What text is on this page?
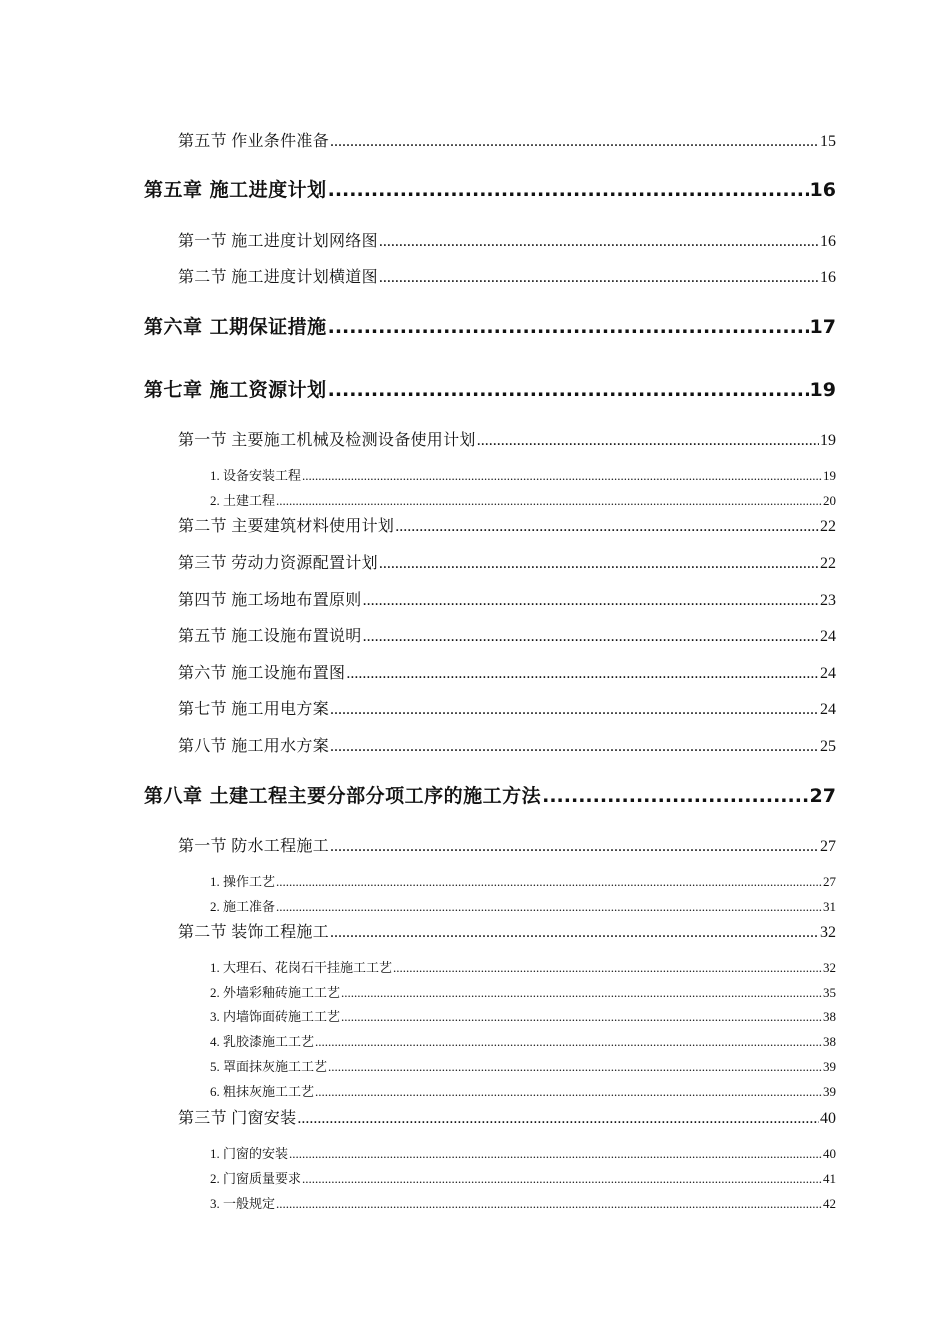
第五节 作业条件准备 .....	15
第五章 施工进度计划 .....	16
第一节 施工进度计划网络图 .....	16
第二节 施工进度计划横道图 .....	16
第六章 工期保证措施 .....	17
第七章 施工资源计划 .....	19
第一节 主要施工机械及检测设备使用计划 .....	19
1. 设备安装工程 .....	19
2. 土建工程 .....	20
第二节 主要建筑材料使用计划 .....	22
第三节 劳动力资源配置计划 .....	22
第四节 施工场地布置原则 .....	23
第五节 施工设施布置说明 .....	24
第六节 施工设施布置图 .....	24
第七节 施工用电方案 .....	24
第八节 施工用水方案 .....	25
第八章 土建工程主要分部分项工序的施工方法 .....	27
第一节 防水工程施工 .....	27
1. 操作工艺 .....	27
2. 施工准备 .....	31
第二节 装饰工程施工 .....	32
1. 大理石、花岗石干挂施工工艺 .....	32
2. 外墙彩釉砖施工工艺 .....	35
3. 内墙饰面砖施工工艺 .....	38
4. 乳胶漆施工工艺 .....	38
5. 罩面抹灰施工工艺 .....	39
6. 粗抹灰施工工艺 .....	39
第三节 门窗安装 .....	40
1. 门窗的安装 .....	40
2. 门窗质量要求 .....	41
3. 一般规定 .....	42
